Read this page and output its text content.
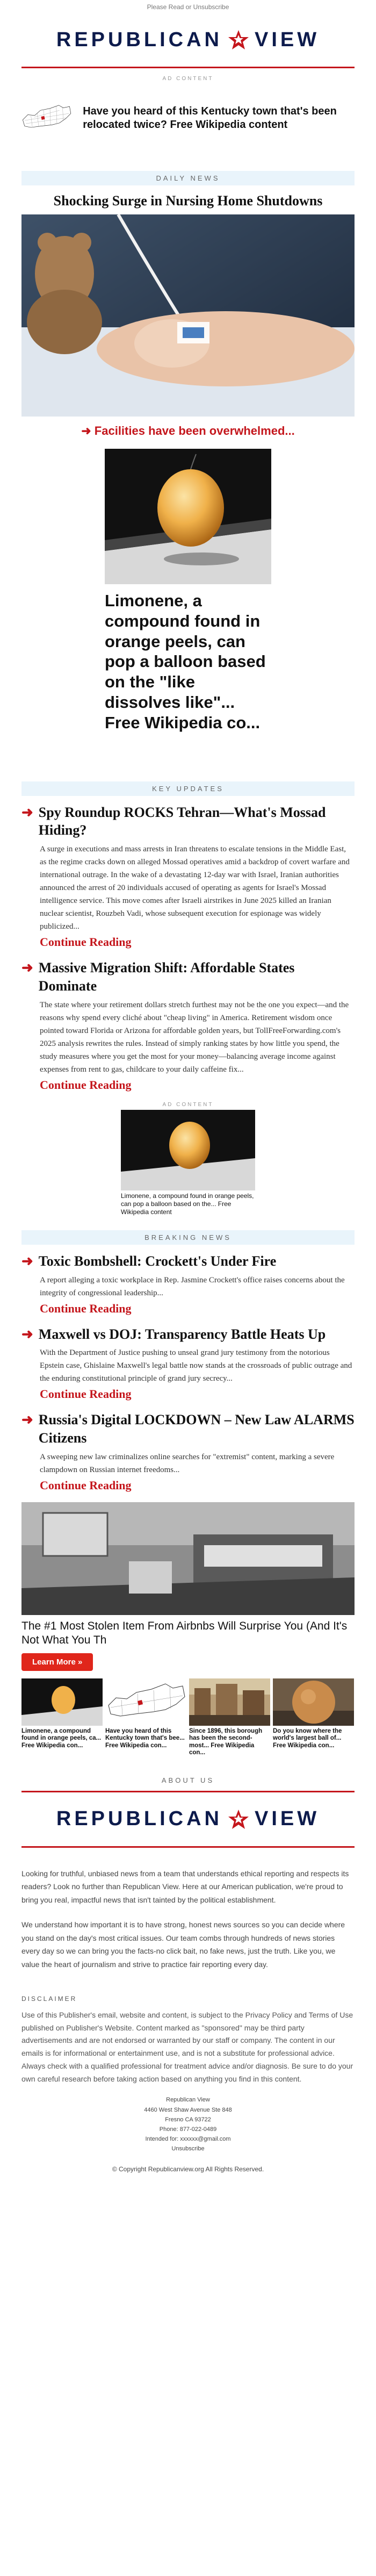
Please Read or Unsubscribe
REPUBLICAN VIEW
AD CONTENT
Have you heard of this Kentucky town that's been relocated twice? Free Wikipedia content
DAILY NEWS
Shocking Surge in Nursing Home Shutdowns
➜ Facilities have been overwhelmed...
Limonene, a compound found in orange peels, can pop a balloon based on the "like dissolves like"... Free Wikipedia co...
KEY UPDATES
➜ Spy Roundup ROCKS Tehran—What's Mossad Hiding?
A surge in executions and mass arrests in Iran threatens to escalate tensions in the Middle East, as the regime cracks down on alleged Mossad operatives amid a backdrop of covert warfare and international outrage. In the wake of a devastating 12-day war with Israel, Iranian authorities announced the arrest of 20 individuals accused of operating as agents for Israel's Mossad intelligence service. This move comes after Israeli airstrikes in June 2025 killed an Iranian nuclear scientist, Rouzbeh Vadi, whose subsequent execution for espionage was widely publicized...
Continue Reading
➜ Massive Migration Shift: Affordable States Dominate
The state where your retirement dollars stretch furthest may not be the one you expect—and the reasons why spend every cliché about "cheap living" in America. Retirement wisdom once pointed toward Florida or Arizona for affordable golden years, but TollFreeForwarding.com's 2025 analysis rewrites the rules. Instead of simply ranking states by how little you spend, the study measures where you get the most for your money—balancing average income against expenses from rent to gas, childcare to your daily caffeine fix...
Continue Reading
AD CONTENT
Limonene, a compound found in orange peels, can pop a balloon based on the... Free Wikipedia content
BREAKING NEWS
➜ Toxic Bombshell: Crockett's Under Fire
A report alleging a toxic workplace in Rep. Jasmine Crockett's office raises concerns about the integrity of congressional leadership...
Continue Reading
➜ Maxwell vs DOJ: Transparency Battle Heats Up
With the Department of Justice pushing to unseal grand jury testimony from the notorious Epstein case, Ghislaine Maxwell's legal battle now stands at the crossroads of public outrage and the enduring constitutional principle of grand jury secrecy...
Continue Reading
➜ Russia's Digital LOCKDOWN – New Law ALARMS Citizens
A sweeping new law criminalizes online searches for "extremist" content, marking a severe clampdown on Russian internet freedoms...
Continue Reading
The #1 Most Stolen Item From Airbnbs Will Surprise You (And It's Not What You Th
Learn More »
Limonene, a compound found in orange peels, ca... Free Wikipedia con...
Have you heard of this Kentucky town that's bee... Free Wikipedia con...
Since 1896, this borough has been the second-most... Free Wikipedia con...
Do you know where the world's largest ball of... Free Wikipedia con...
ABOUT US
REPUBLICAN VIEW

Looking for truthful, unbiased news from a team that understands ethical reporting and respects its readers? Look no further than Republican View. Here at our American publication, we're proud to bring you real, impactful news that isn't tainted by the political establishment.

We understand how important it is to have strong, honest news sources so you can decide where you stand on the day's most critical issues. Our team combs through hundreds of news stories every day so we can bring you the facts-no click bait, no fake news, just the truth. Like you, we value the heart of journalism and strive to practice fair reporting every day.

DISCLAIMER
Use of this Publisher's email, website and content, is subject to the Privacy Policy and Terms of Use published on Publisher's Website. Content marked as "sponsored" may be third party advertisements and are not endorsed or warranted by our staff or company. The content in our emails is for informational or entertainment use, and is not a substitute for professional advice. Always check with a qualified professional for treatment advice and/or diagnosis. Be sure to do your own careful research before taking action based on anything you find in this content.
Republican View
4460 West Shaw Avenue Ste 848
Fresno CA 93722
Phone: 877-022-0489
Intended for: xxxxxx@gmail.com
Unsubscribe
© Copyright Republicanview.org All Rights Reserved.
